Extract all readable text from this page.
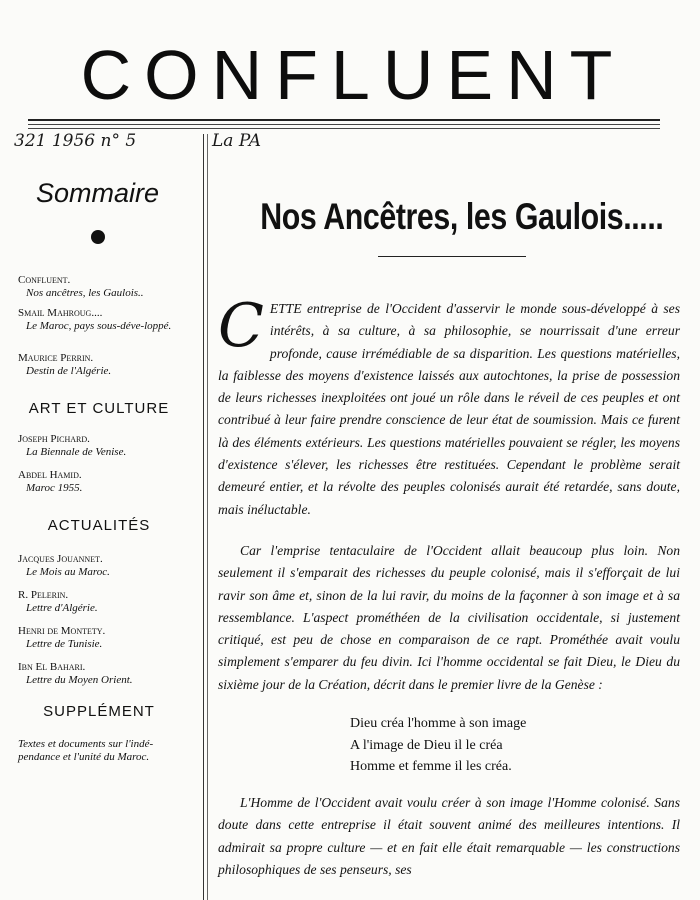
CONFLUENT
321 1956 n° 5	La PA
Sommaire
Confluent.
Nos ancêtres, les Gaulois..
Smail Mahroug....
Le Maroc, pays sous-déve-loppé.
Maurice Perrin.
Destin de l'Algérie.
ART ET CULTURE
Joseph Pichard.
La Biennale de Venise.
Abdel Hamid.
Maroc 1955.
ACTUALITÉS
Jacques Jouannet.
Le Mois au Maroc.
R. Pelerin.
Lettre d'Algérie.
Henri de Montety.
Lettre de Tunisie.
Ibn El Bahari.
Lettre du Moyen Orient.
SUPPLÉMENT
Textes et documents sur l'indé-pendance et l'unité du Maroc.
Nos Ancêtres, les Gaulois.....
CETTE entreprise de l'Occident d'asservir le monde sous-développé à ses intérêts, à sa culture, à sa philosophie, se nourrissait d'une erreur profonde, cause irrémédiable de sa disparition. Les questions matérielles, la faiblesse des moyens d'existence laissés aux autochtones, la prise de possession de leurs richesses inexploitées ont joué un rôle dans le réveil de ces peuples et ont contribué à leur faire prendre conscience de leur état de soumission. Mais ce furent là des éléments extérieurs. Les questions matérielles pouvaient se régler, les moyens d'existence s'élever, les richesses être restituées. Cependant le problème serait demeuré entier, et la révolte des peuples colonisés aurait été retardée, sans doute, mais inéluctable.
Car l'emprise tentaculaire de l'Occident allait beaucoup plus loin. Non seulement il s'emparait des richesses du peuple colonisé, mais il s'efforçait de lui ravir son âme et, sinon de la lui ravir, du moins de la façonner à son image et à sa ressemblance. L'aspect prométhéen de la civilisation occidentale, si justement critiqué, est peu de chose en comparaison de ce rapt. Prométhée avait voulu simplement s'emparer du feu divin. Ici l'homme occidental se fait Dieu, le Dieu du sixième jour de la Création, décrit dans le premier livre de la Genèse :
Dieu créa l'homme à son image
A l'image de Dieu il le créa
Homme et femme il les créa.
L'Homme de l'Occident avait voulu créer à son image l'Homme colonisé. Sans doute dans cette entreprise il était souvent animé des meilleures intentions. Il admirait sa propre culture — et en fait elle était remarquable — les constructions philosophiques de ses penseurs, ses
